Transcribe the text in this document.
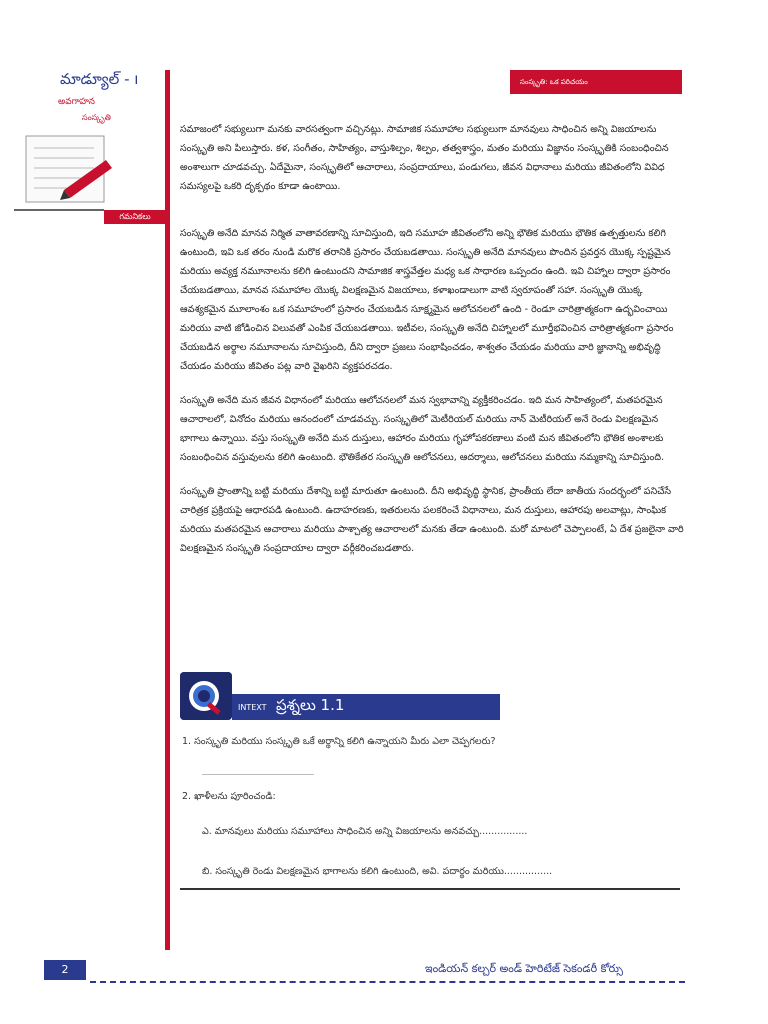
మాడ్యూల్ - ı
అవగాహన
సంస్కృతి
గమనికలు
సంస్కృతి: ఒక పరిచయం

సమాజంలో సభ్యులుగా మనకు వారసత్వంగా వచ్చినట్లు. సామాజిక సమూహాల సభ్యులుగా మానవులు సాధించిన అన్ని విజయాలను సంస్కృతి అని పిలుస్తారు. కళ, సంగీతం, సాహిత్యం, వాస్తుశిల్పం, శిల్పం, తత్వశాస్త్రం, మతం మరియు విజ్ఞానం సంస్కృతికి సంబంధించిన అంశాలుగా చూడవచ్చు. ఏదేమైనా, సంస్కృతిలో ఆచారాలు, సంప్రదాయాలు, పండుగలు, జీవన విధానాలు మరియు జీవితంలోని వివిధ సమస్యలపై ఒకరి దృక్పథం కూడా ఉంటాయి.

సంస్కృతి అనేది మానవ నిర్మిత వాతావరణాన్ని సూచిస్తుంది, ఇది సమూహ జీవితంలోని అన్ని భౌతిక మరియు భౌతిక ఉత్పత్తులను కలిగి ఉంటుంది, ఇవి ఒక తరం నుండి మరొక తరానికి ప్రసారం చేయబడతాయి. సంస్కృతి అనేది మానవులు పొందిన ప్రవర్తన యొక్క స్పష్టమైన మరియు అవ్యక్త నమూనాలను కలిగి ఉంటుందని సామాజిక శాస్త్రవేత్తల మధ్య ఒక సాధారణ ఒప్పందం ఉంది. ఇవి చిహ్నాల ద్వారా ప్రసారం చేయబడతాయి, మానవ సమూహాల యొక్క విలక్షణమైన విజయాలు, కళాఖండాలుగా వాటి స్వరూపంతో సహా. సంస్కృతి యొక్క ఆవశ్యకమైన మూలాంశం ఒక సమూహంలో ప్రసారం చేయబడిన సూక్ష్మమైన ఆలోచనలలో ఉంది - రెండూ చారిత్రాత్మకంగా ఉద్భవించాయి మరియు వాటి జోడించిన విలువతో ఎంపిక చేయబడతాయి. ఇటీవల, సంస్కృతి అనేది చిహ్నాలలో మూర్తీభవించిన చారిత్రాత్మకంగా ప్రసారం చేయబడిన అర్థాల నమూనాలను సూచిస్తుంది, దీని ద్వారా ప్రజలు సంభాషించడం, శాశ్వతం చేయడం మరియు వారి జ్ఞానాన్ని అభివృద్ధి చేయడం మరియు జీవితం పట్ల వారి వైఖరిని వ్యక్తపరచడం.

సంస్కృతి అనేది మన జీవన విధానంలో మరియు ఆలోచనలలో మన స్వభావాన్ని వ్యక్తీకరించడం. ఇది మన సాహిత్యంలో, మతపరమైన ఆచారాలలో, వినోదం మరియు ఆనందంలో చూడవచ్చు. సంస్కృతిలో మెటీరియల్ మరియు నాన్ మెటీరియల్ అనే రెండు విలక్షణమైన భాగాలు ఉన్నాయి. వస్తు సంస్కృతి అనేది మన దుస్తులు, ఆహారం మరియు గృహోపకరణాలు వంటి మన జీవితంలోని భౌతిక అంశాలకు సంబంధించిన వస్తువులను కలిగి ఉంటుంది. భౌతికేతర సంస్కృతి ఆలోచనలు, ఆదర్శాలు, ఆలోచనలు మరియు నమ్మకాన్ని సూచిస్తుంది.

సంస్కృతి ప్రాంతాన్ని బట్టి మరియు దేశాన్ని బట్టి మారుతూ ఉంటుంది. దీని అభివృద్ధి స్థానిక, ప్రాంతీయ లేదా జాతీయ సందర్భంలో పనిచేసే చారిత్రక ప్రక్రియపై ఆధారపడి ఉంటుంది. ఉదాహరణకు, ఇతరులను పలకరించే విధానాలు, మన దుస్తులు, ఆహారపు అలవాట్లు, సాంఘిక మరియు మతపరమైన ఆచారాలు మరియు పాశ్చాత్య ఆచారాలలో మనకు తేడా ఉంటుంది. మరో మాటలో చెప్పాలంటే, ఏ దేశ ప్రజలైనా వారి విలక్షణమైన సంస్కృతి సంప్రదాయాల ద్వారా వర్గీకరించబడతారు.

INTEXT ప్రశ్నలు 1.1
1. సంస్కృతి మరియు సంస్కృతి ఒకే అర్థాన్ని కలిగి ఉన్నాయని మీరు ఎలా చెప్పగలరు?
2. ఖాళీలను పూరించండి:
ఎ. మానవులు మరియు సమూహాలు సాధించిన అన్ని విజయాలను అనవచ్చు................
బి. సంస్కృతి రెండు విలక్షణమైన భాగాలను కలిగి ఉంటుంది, అవి. పదార్థం మరియు................
2	ఇండియన్ కల్చర్ అండ్ హెరిటేజ్ సెకండరీ కోర్సు
